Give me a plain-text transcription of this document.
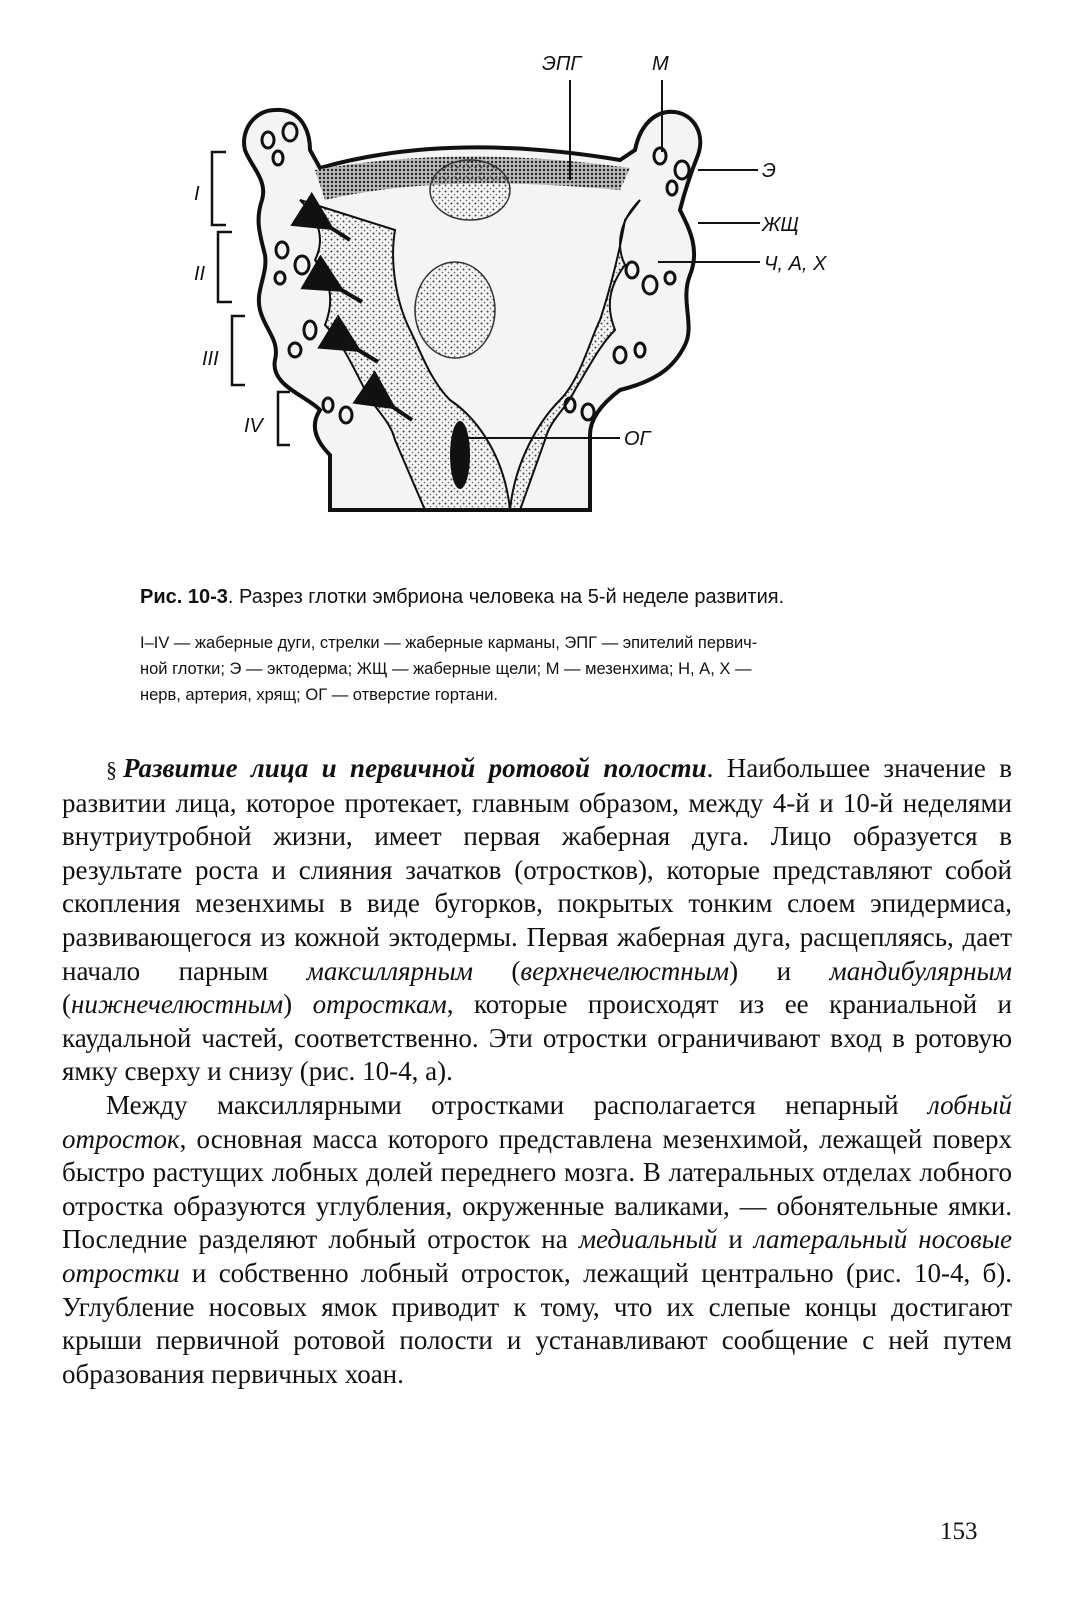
I
II
III
IV
ЭПГ	М
Э
ЖЩ
Ч, А, Х
ОГ
Рис. 10-3. Разрез глотки эмбриона человека на 5-й неделе развития.
I–IV — жаберные дуги, стрелки — жаберные карманы, ЭПГ — эпителий первич-
ной глотки; Э — эктодерма; ЖЩ — жаберные щели; М — мезенхима; Н, А, Х —
нерв, артерия, хрящ; ОГ — отверстие гортани.

§ Развитие лица и первичной ротовой полости. Наибольшее значение в развитии лица, которое протекает, главным образом, между 4-й и 10-й неделями внутриутробной жизни, имеет первая жаберная дуга. Лицо образуется в результате роста и слияния зачатков (отростков), которые представляют собой скопления мезенхимы в виде бугорков, покрытых тонким слоем эпидермиса, развивающегося из кожной эктодермы. Первая жаберная дуга, расщепляясь, дает начало парным максиллярным (верхнечелюстным) и мандибулярным (нижнечелюстным) отросткам, которые происходят из ее краниальной и каудальной частей, соответственно. Эти отростки ограничивают вход в ротовую ямку сверху и снизу (рис. 10-4, а).

Между максиллярными отростками располагается непарный лобный отросток, основная масса которого представлена мезенхимой, лежащей поверх быстро растущих лобных долей переднего мозга. В латеральных отделах лобного отростка образуются углубления, окруженные валиками, — обонятельные ямки. Последние разделяют лобный отросток на медиальный и латеральный носовые отростки и собственно лобный отросток, лежащий центрально (рис. 10-4, б). Углубление носовых ямок приводит к тому, что их слепые концы достигают крыши первичной ротовой полости и устанавливают сообщение с ней путем образования первичных хоан.

153
